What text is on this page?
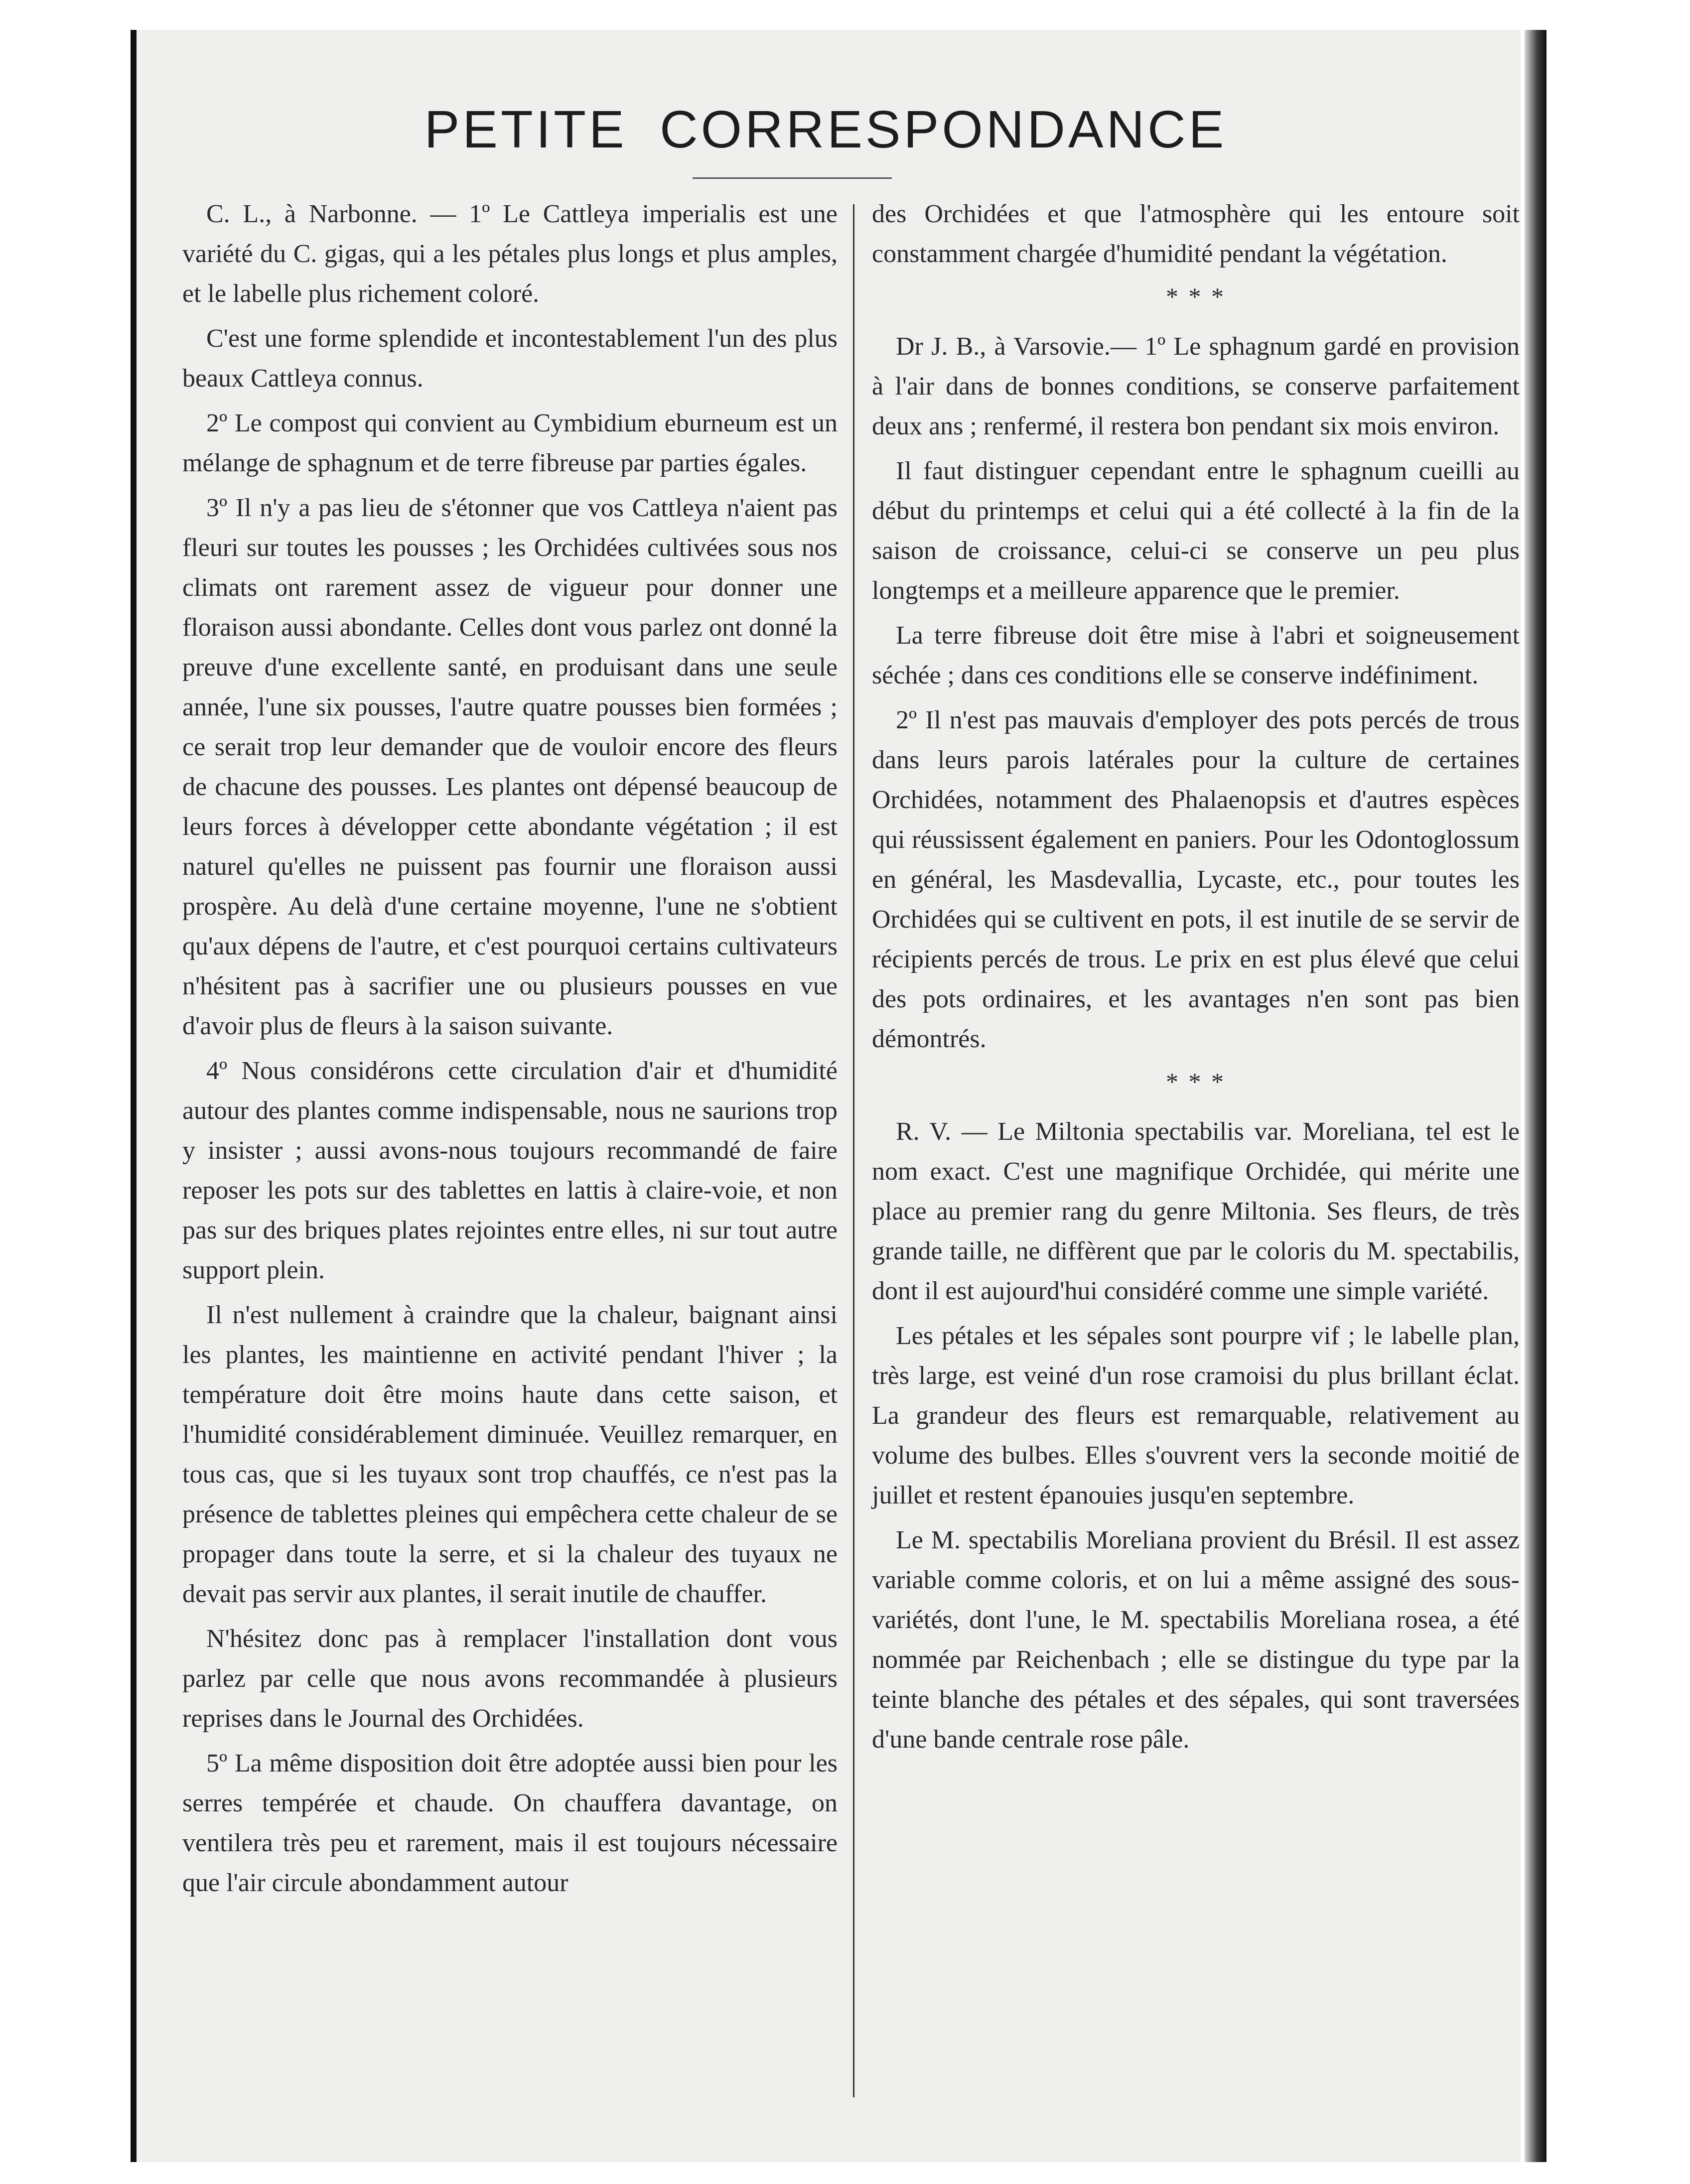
PETITE CORRESPONDANCE

C. L., à Narbonne. — 1º Le Cattleya imperialis est une variété du C. gigas, qui a les pétales plus longs et plus amples, et le labelle plus richement coloré.

C'est une forme splendide et incontestablement l'un des plus beaux Cattleya connus.

2º Le compost qui convient au Cymbidium eburneum est un mélange de sphagnum et de terre fibreuse par parties égales.

3º Il n'y a pas lieu de s'étonner que vos Cattleya n'aient pas fleuri sur toutes les pousses ; les Orchidées cultivées sous nos climats ont rarement assez de vigueur pour donner une floraison aussi abondante. Celles dont vous parlez ont donné la preuve d'une excellente santé, en produisant dans une seule année, l'une six pousses, l'autre quatre pousses bien formées ; ce serait trop leur demander que de vouloir encore des fleurs de chacune des pousses. Les plantes ont dépensé beaucoup de leurs forces à développer cette abondante végétation ; il est naturel qu'elles ne puissent pas fournir une floraison aussi prospère. Au delà d'une certaine moyenne, l'une ne s'obtient qu'aux dépens de l'autre, et c'est pourquoi certains cultivateurs n'hésitent pas à sacrifier une ou plusieurs pousses en vue d'avoir plus de fleurs à la saison suivante.

4º Nous considérons cette circulation d'air et d'humidité autour des plantes comme indispensable, nous ne saurions trop y insister ; aussi avons-nous toujours recommandé de faire reposer les pots sur des tablettes en lattis à claire-voie, et non pas sur des briques plates rejointes entre elles, ni sur tout autre support plein.

Il n'est nullement à craindre que la chaleur, baignant ainsi les plantes, les maintienne en activité pendant l'hiver ; la température doit être moins haute dans cette saison, et l'humidité considérablement diminuée. Veuillez remarquer, en tous cas, que si les tuyaux sont trop chauffés, ce n'est pas la présence de tablettes pleines qui empêchera cette chaleur de se propager dans toute la serre, et si la chaleur des tuyaux ne devait pas servir aux plantes, il serait inutile de chauffer.

N'hésitez donc pas à remplacer l'installation dont vous parlez par celle que nous avons recommandée à plusieurs reprises dans le Journal des Orchidées.

5º La même disposition doit être adoptée aussi bien pour les serres tempérée et chaude. On chauffera davantage, on ventilera très peu et rarement, mais il est toujours nécessaire que l'air circule abondamment autour

des Orchidées et que l'atmosphère qui les entoure soit constamment chargée d'humidité pendant la végétation.

* * *

Dr J. B., à Varsovie.— 1º Le sphagnum gardé en provision à l'air dans de bonnes conditions, se conserve parfaitement deux ans ; renfermé, il restera bon pendant six mois environ.

Il faut distinguer cependant entre le sphagnum cueilli au début du printemps et celui qui a été collecté à la fin de la saison de croissance, celui-ci se conserve un peu plus longtemps et a meilleure apparence que le premier.

La terre fibreuse doit être mise à l'abri et soigneusement séchée ; dans ces conditions elle se conserve indéfiniment.

2º Il n'est pas mauvais d'employer des pots percés de trous dans leurs parois latérales pour la culture de certaines Orchidées, notamment des Phalaenopsis et d'autres espèces qui réussissent également en paniers. Pour les Odontoglossum en général, les Masdevallia, Lycaste, etc., pour toutes les Orchidées qui se cultivent en pots, il est inutile de se servir de récipients percés de trous. Le prix en est plus élevé que celui des pots ordinaires, et les avantages n'en sont pas bien démontrés.

* * *

R. V. — Le Miltonia spectabilis var. Moreliana, tel est le nom exact. C'est une magnifique Orchidée, qui mérite une place au premier rang du genre Miltonia. Ses fleurs, de très grande taille, ne diffèrent que par le coloris du M. spectabilis, dont il est aujourd'hui considéré comme une simple variété.

Les pétales et les sépales sont pourpre vif ; le labelle plan, très large, est veiné d'un rose cramoisi du plus brillant éclat. La grandeur des fleurs est remarquable, relativement au volume des bulbes. Elles s'ouvrent vers la seconde moitié de juillet et restent épanouies jusqu'en septembre.

Le M. spectabilis Moreliana provient du Brésil. Il est assez variable comme coloris, et on lui a même assigné des sous-variétés, dont l'une, le M. spectabilis Moreliana rosea, a été nommée par Reichenbach ; elle se distingue du type par la teinte blanche des pétales et des sépales, qui sont traversées d'une bande centrale rose pâle.
